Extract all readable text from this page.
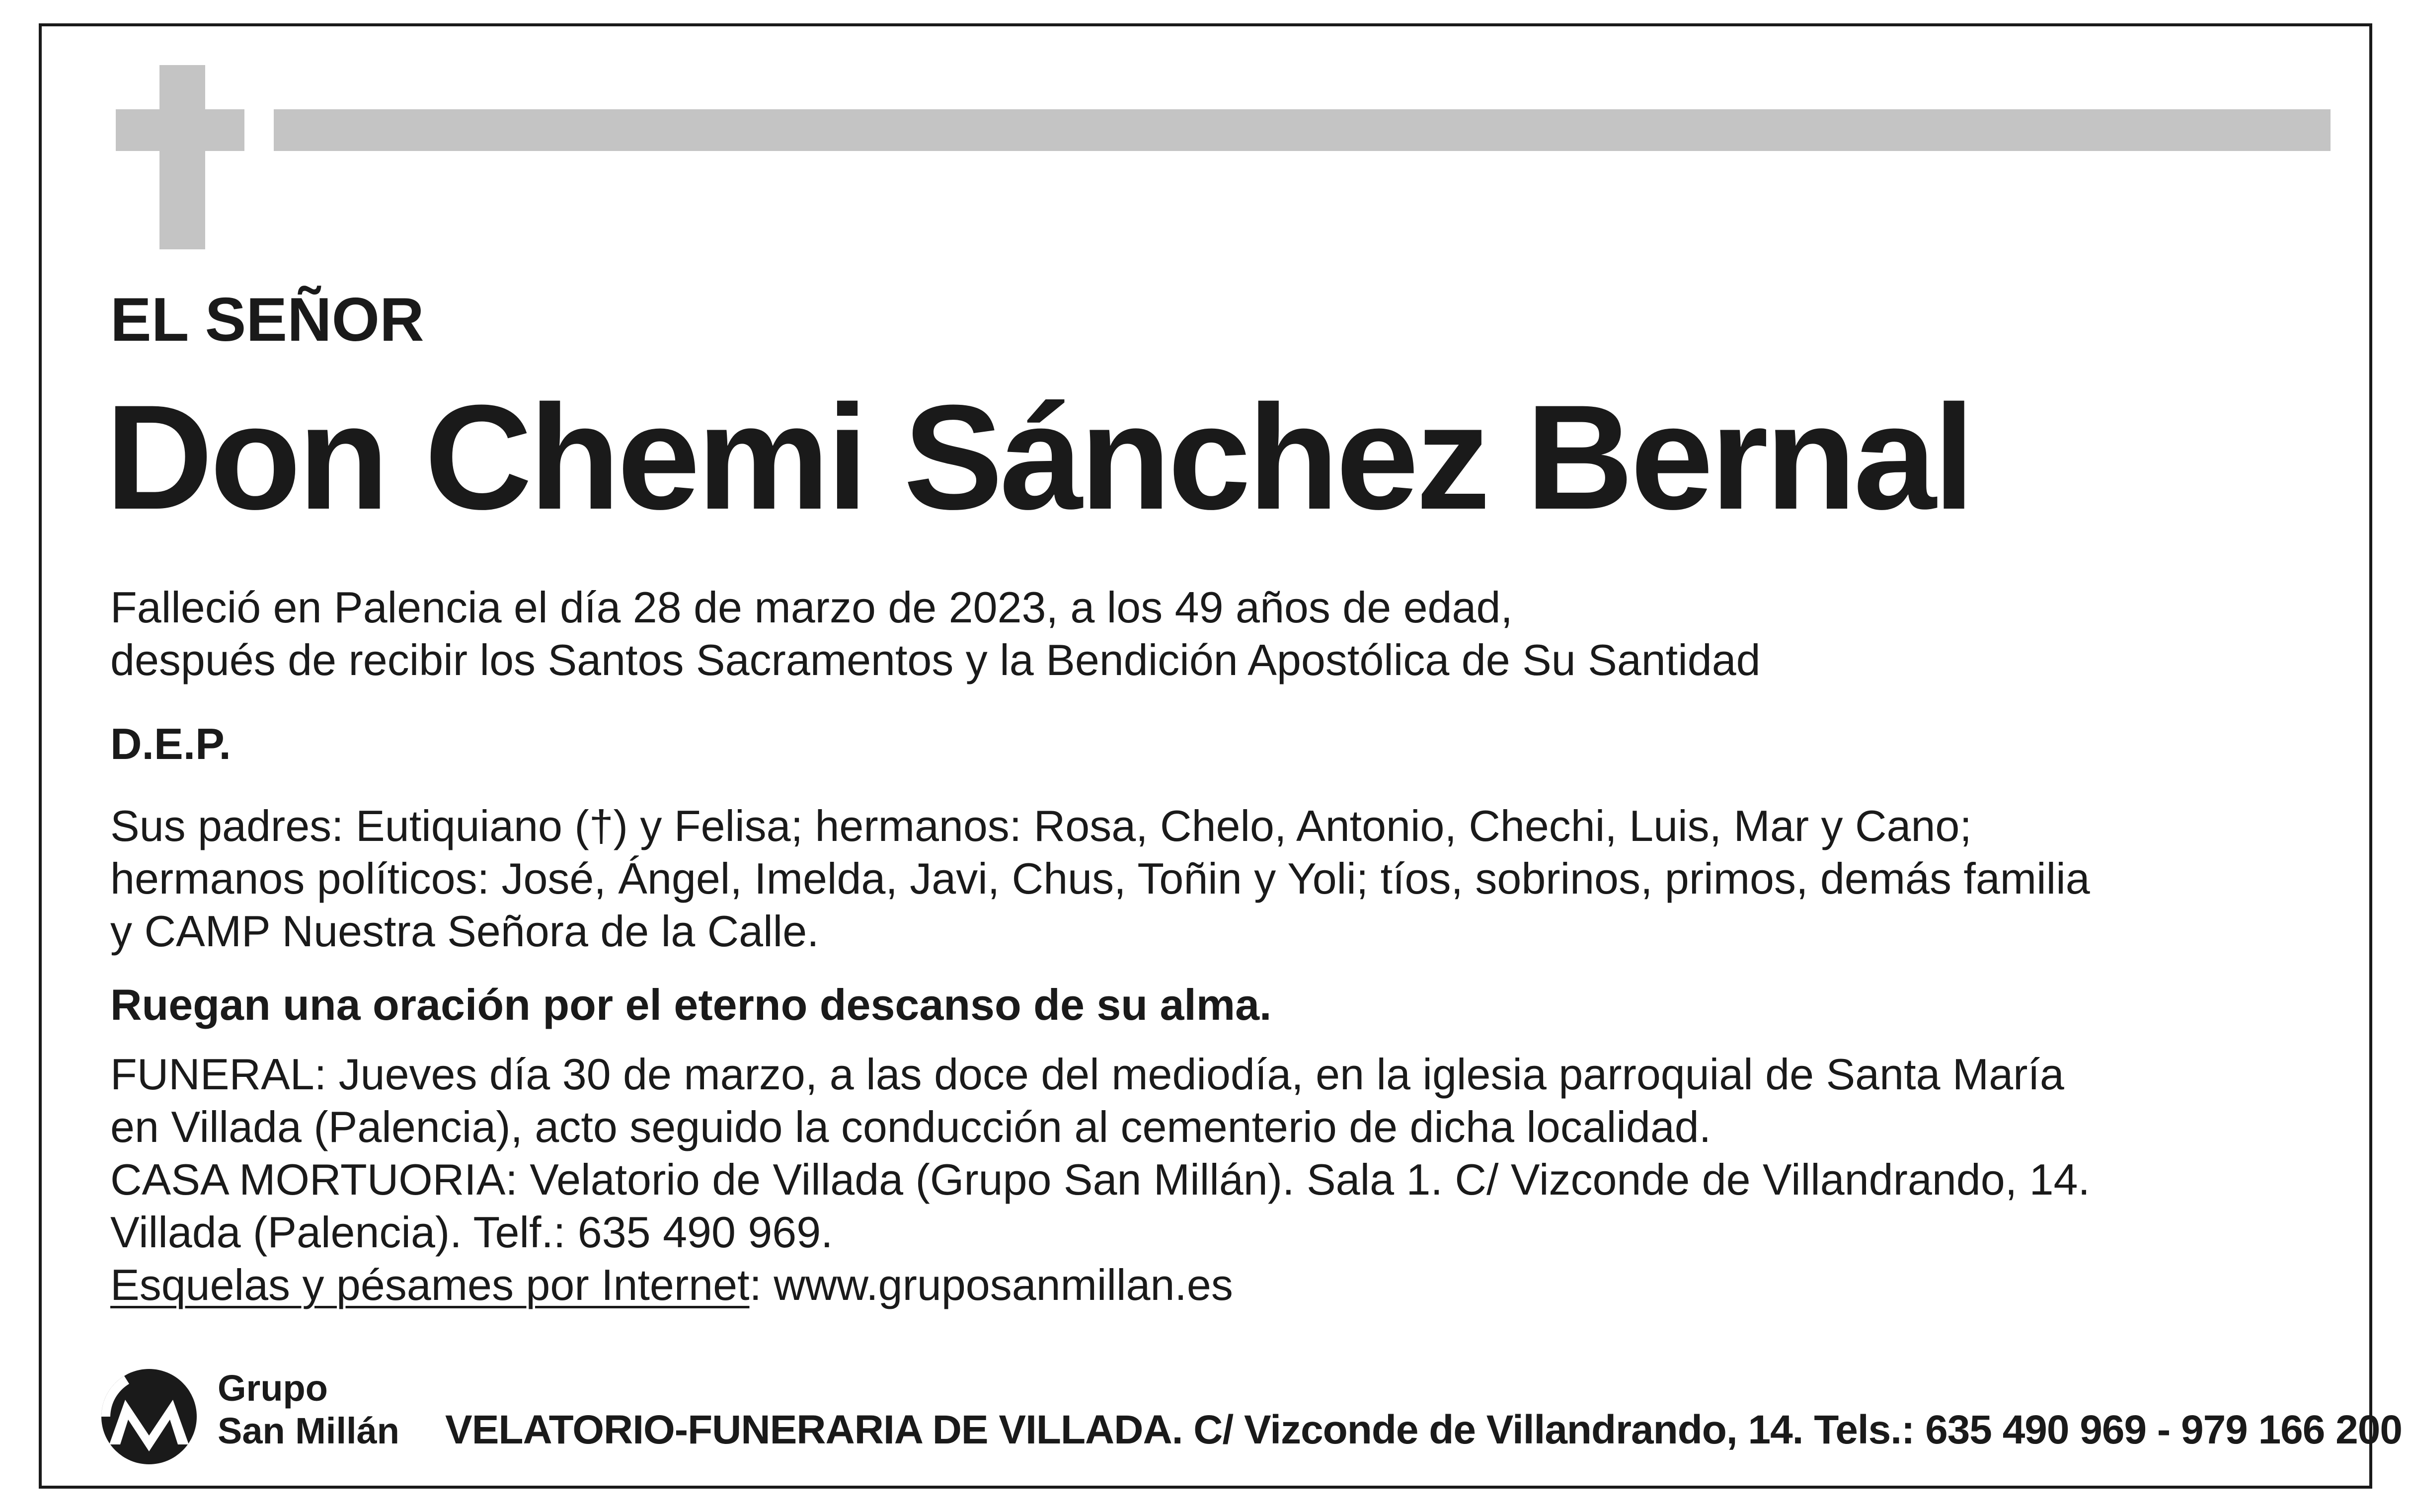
EL SEÑOR
Don Chemi Sánchez Bernal
Falleció en Palencia el día 28 de marzo de 2023, a los 49 años de edad,
después de recibir los Santos Sacramentos y la Bendición Apostólica de Su Santidad
D.E.P.
Sus padres: Eutiquiano (†) y Felisa; hermanos: Rosa, Chelo, Antonio, Chechi, Luis, Mar y Cano;
hermanos políticos: José, Ángel, Imelda, Javi, Chus, Toñin y Yoli; tíos, sobrinos, primos, demás familia
y CAMP Nuestra Señora de la Calle.
Ruegan una oración por el eterno descanso de su alma.
FUNERAL: Jueves día 30 de marzo, a las doce del mediodía, en la iglesia parroquial de Santa María
en Villada (Palencia), acto seguido la conducción al cementerio de dicha localidad.
CASA MORTUORIA: Velatorio de Villada (Grupo San Millán). Sala 1. C/ Vizconde de Villandrando, 14.
Villada (Palencia). Telf.: 635 490 969.
Esquelas y pésames por Internet: www.gruposanmillan.es
Grupo
San Millán VELATORIO-FUNERARIA DE VILLADA. C/ Vizconde de Villandrando, 14. Tels.: 635 490 969 - 979 166 200
